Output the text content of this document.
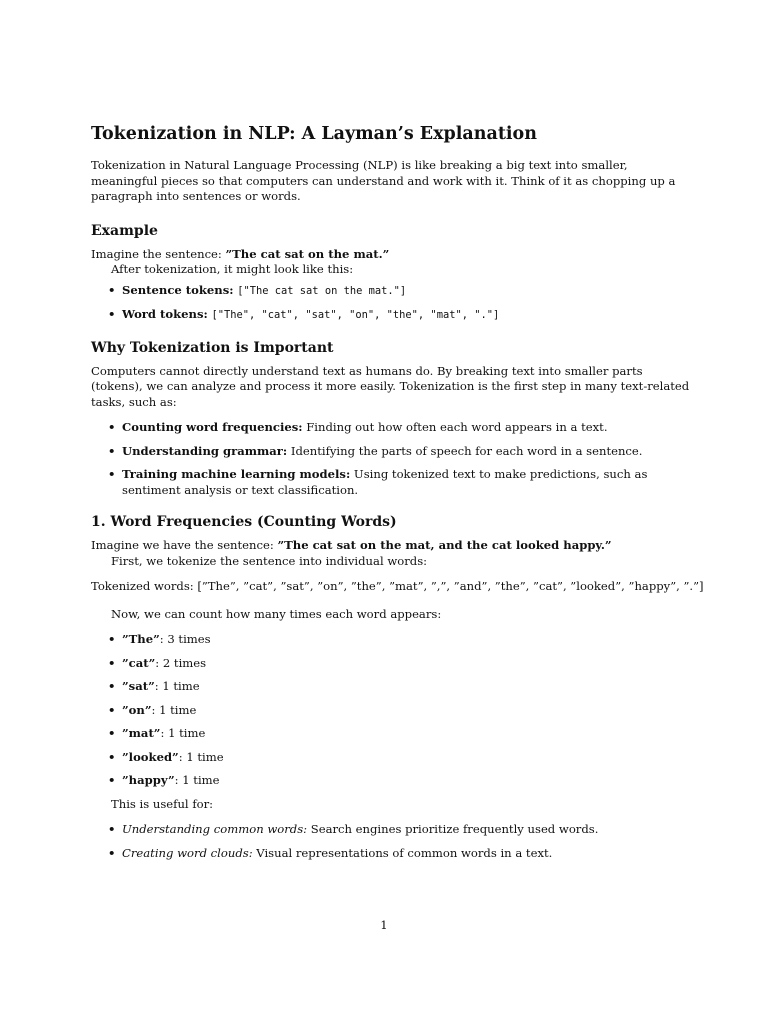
Tokenization in NLP: A Layman’s Explanation

Tokenization in Natural Language Processing (NLP) is like breaking a big text into smaller, meaningful pieces so that computers can understand and work with it. Think of it as chopping up a paragraph into sentences or words.

Example

Imagine the sentence: ”The cat sat on the mat.”

After tokenization, it might look like this:

• Sentence tokens: ["The cat sat on the mat."]
• Word tokens: ["The", "cat", "sat", "on", "the", "mat", "."]
Why Tokenization is Important

Computers cannot directly understand text as humans do. By breaking text into smaller parts (tokens), we can analyze and process it more easily. Tokenization is the first step in many text-related tasks, such as:

• Counting word frequencies: Finding out how often each word appears in a text.
• Understanding grammar: Identifying the parts of speech for each word in a sentence.
• Training machine learning models: Using tokenized text to make predictions, such as sentiment analysis or text classification.
1. Word Frequencies (Counting Words)

Imagine we have the sentence: ”The cat sat on the mat, and the cat looked happy.”

First, we tokenize the sentence into individual words:

Tokenized words: [”The”, ”cat”, ”sat”, ”on”, ”the”, ”mat”, ”,”, ”and”, ”the”, ”cat”, ”looked”, ”happy”, ”.”]

Now, we can count how many times each word appears:

• ”The”: 3 times
• ”cat”: 2 times
• ”sat”: 1 time
• ”on”: 1 time
• ”mat”: 1 time
• ”looked”: 1 time
• ”happy”: 1 time

This is useful for:

• Understanding common words: Search engines prioritize frequently used words.
• Creating word clouds: Visual representations of common words in a text.
1
